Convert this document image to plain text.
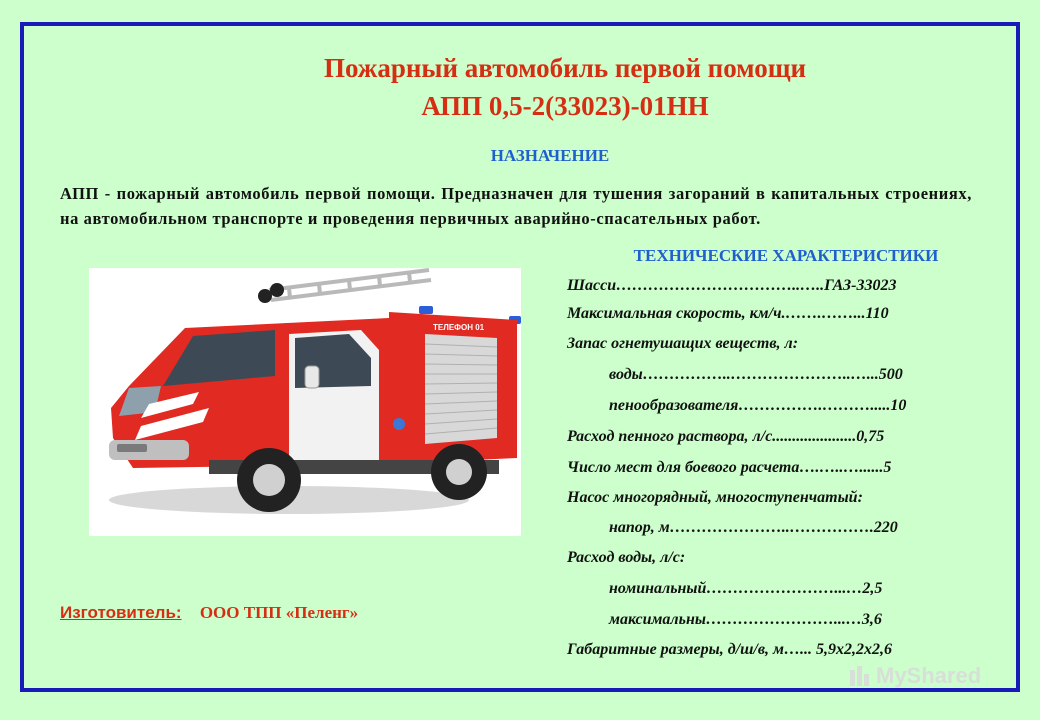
Пожарный автомобиль первой помощи
АПП 0,5-2(33023)-01НН
НАЗНАЧЕНИЕ
АПП - пожарный автомобиль первой помощи. Предназначен для тушения загораний в капитальных строениях, на автомобильном транспорте и проведения первичных аварийно-спасательных работ.
ТЕЛЕФОН 01
ТЕХНИЧЕСКИЕ ХАРАКТЕРИСТИКИ
Шасси……………………………..…..ГАЗ-33023
Максимальная скорость, км/ч.…….……...110
Запас огнетушащих веществ, л:
воды……………..…………………..…...500
пенообразователя…………….……….....10
Расход пенного раствора, л/с.....................0,75
Число мест для боевого расчета….…..…......5
Насос многорядный, многоступенчатый:
напор, м…………………..…………….220
Расход воды, л/с:
номинальный……………………...…2,5
максимальны……………………...…3,6
Габаритные размеры, д/ш/в, м…... 5,9х2,2х2,6
Изготовитель: ООО ТПП «Пеленг»
MyShared
